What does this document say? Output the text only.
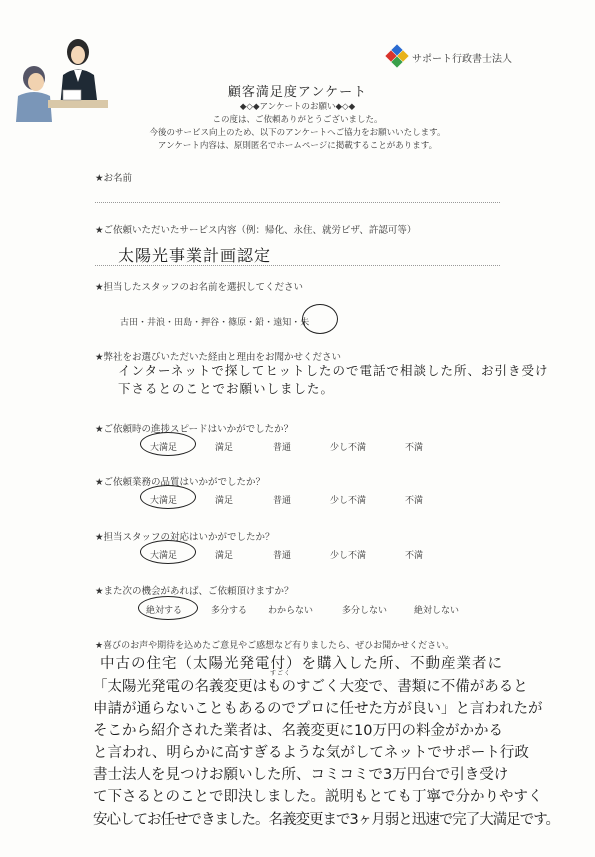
サポート行政書士法人
顧客満足度アンケート
◆◇◆アンケートのお願い◆◇◆
この度は、ご依頼ありがとうございました。
今後のサービス向上のため、以下のアンケートへご協力をお願いいたします。
アンケート内容は、原則匿名でホームページに掲載することがあります。
★お名前
★ご依頼いただいたサービス内容（例：帰化、永住、就労ビザ、許認可等）
太陽光事業計画認定
★担当したスタッフのお名前を選択してください
古田・井浪・田島・押谷・篠原・鉛・遠知・朱
★弊社をお選びいただいた経由と理由をお聞かせください
インターネットで探してヒットしたので電話で相談した所、お引き受け
下さるとのことでお願いしました。
★ご依頼時の進捗スピードはいかがでしたか？
大満足	満足	普通	少し不満	不満
★ご依頼業務の品質はいかがでしたか？
大満足	満足	普通	少し不満	不満
★担当スタッフの対応はいかがでしたか？
大満足	満足	普通	少し不満	不満
★また次の機会があれば、ご依頼頂けますか？
絶対する	多分する わからない	多分しない	絶対しない
★喜びのお声や期待を込めたご意見やご感想など有りましたら、ぜひお聞かせください。
中古の住宅（太陽光発電付）を購入した所、不動産業者に
「太陽光発電の名義変更はものすごく大変で、書類に不備があると
すごく
申請が通らないこともあるのでプロに任せた方が良い」と言われたが
そこから紹介された業者は、名義変更に10万円の料金がかかる
と言われ、明らかに高すぎるような気がしてネットでサポート行政
書士法人を見つけお願いした所、コミコミで3万円台で引き受け
て下さるとのことで即決しました。説明もとても丁寧で分かりやすく
安心してお任せできました。名義変更まで3ヶ月弱と迅速で完了大満足です。
